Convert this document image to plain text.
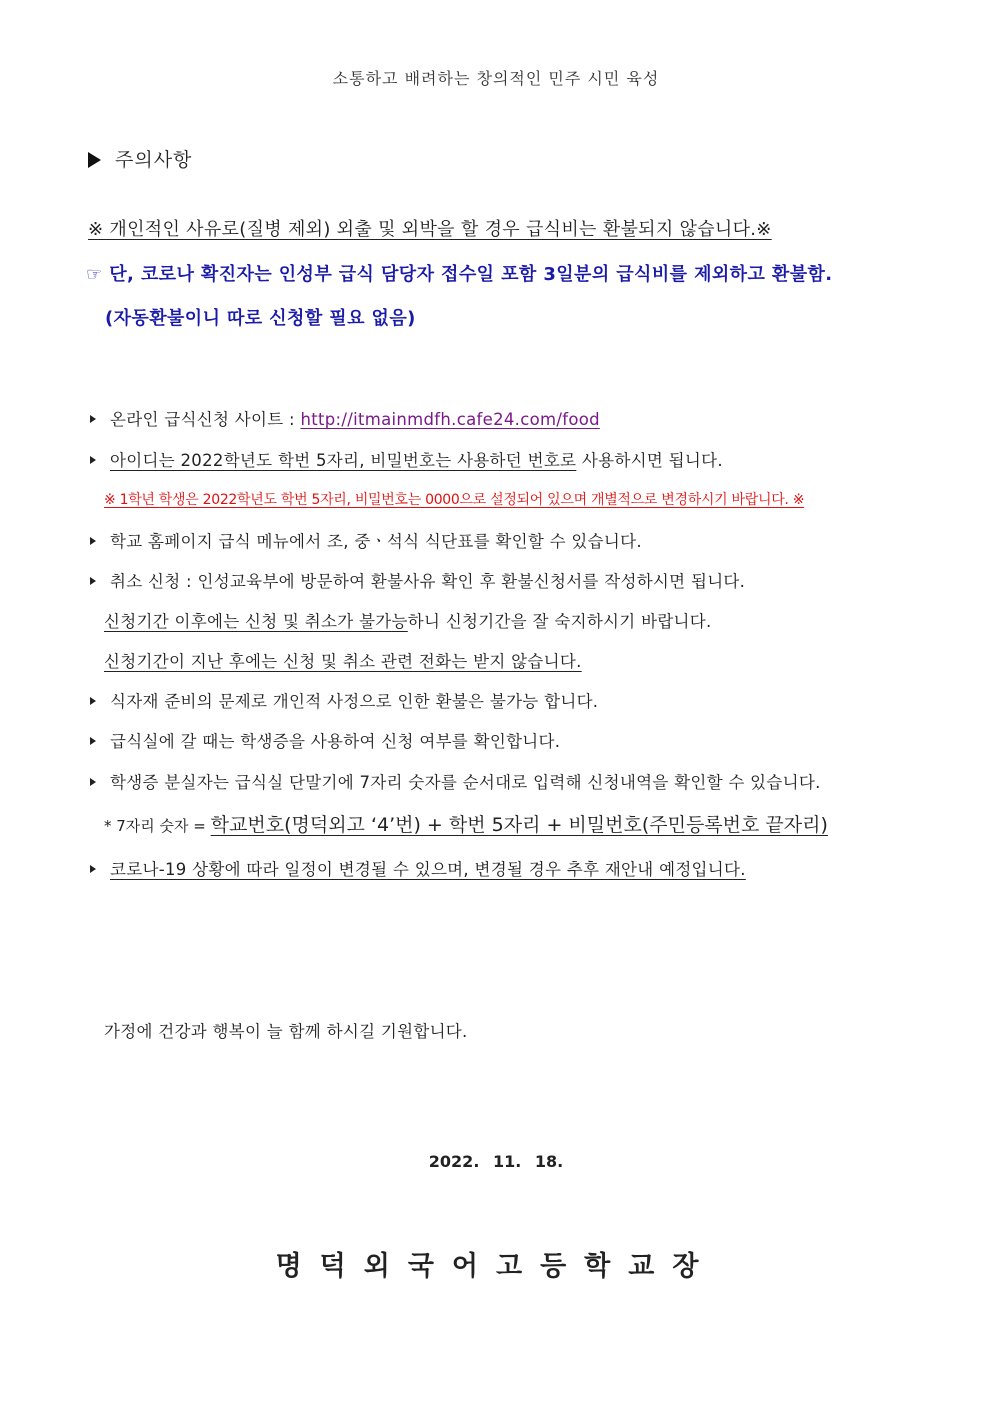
소통하고 배려하는 창의적인 민주 시민 육성
주의사항
※ 개인적인 사유로(질병 제외) 외출 및 외박을 할 경우 급식비는 환불되지 않습니다.※
☞ 단, 코로나 확진자는 인성부 급식 담당자 접수일 포함 3일분의 급식비를 제외하고 환불함.
(자동환불이니 따로 신청할 필요 없음)
온라인 급식신청 사이트 : http://itmainmdfh.cafe24.com/food
아이디는 2022학년도 학번 5자리, 비밀번호는 사용하던 번호로 사용하시면 됩니다.
※ 1학년 학생은 2022학년도 학번 5자리, 비밀번호는 0000으로 설정되어 있으며 개별적으로 변경하시기 바랍니다. ※
학교 홈페이지 급식 메뉴에서 조, 중ㆍ석식 식단표를 확인할 수 있습니다.
취소 신청 : 인성교육부에 방문하여 환불사유 확인 후 환불신청서를 작성하시면 됩니다.
신청기간 이후에는 신청 및 취소가 불가능하니 신청기간을 잘 숙지하시기 바랍니다.
신청기간이 지난 후에는 신청 및 취소 관련 전화는 받지 않습니다.
식자재 준비의 문제로 개인적 사정으로 인한 환불은 불가능 합니다.
급식실에 갈 때는 학생증을 사용하여 신청 여부를 확인합니다.
학생증 분실자는 급식실 단말기에 7자리 숫자를 순서대로 입력해 신청내역을 확인할 수 있습니다.
* 7자리 숫자 = 학교번호(명덕외고 ‘4’번) + 학번 5자리 + 비밀번호(주민등록번호 끝자리)
코로나-19 상황에 따라 일정이 변경될 수 있으며, 변경될 경우 추후 재안내 예정입니다.
가정에 건강과 행복이 늘 함께 하시길 기원합니다.
2022. 11. 18.
명덕외국어고등학교장
